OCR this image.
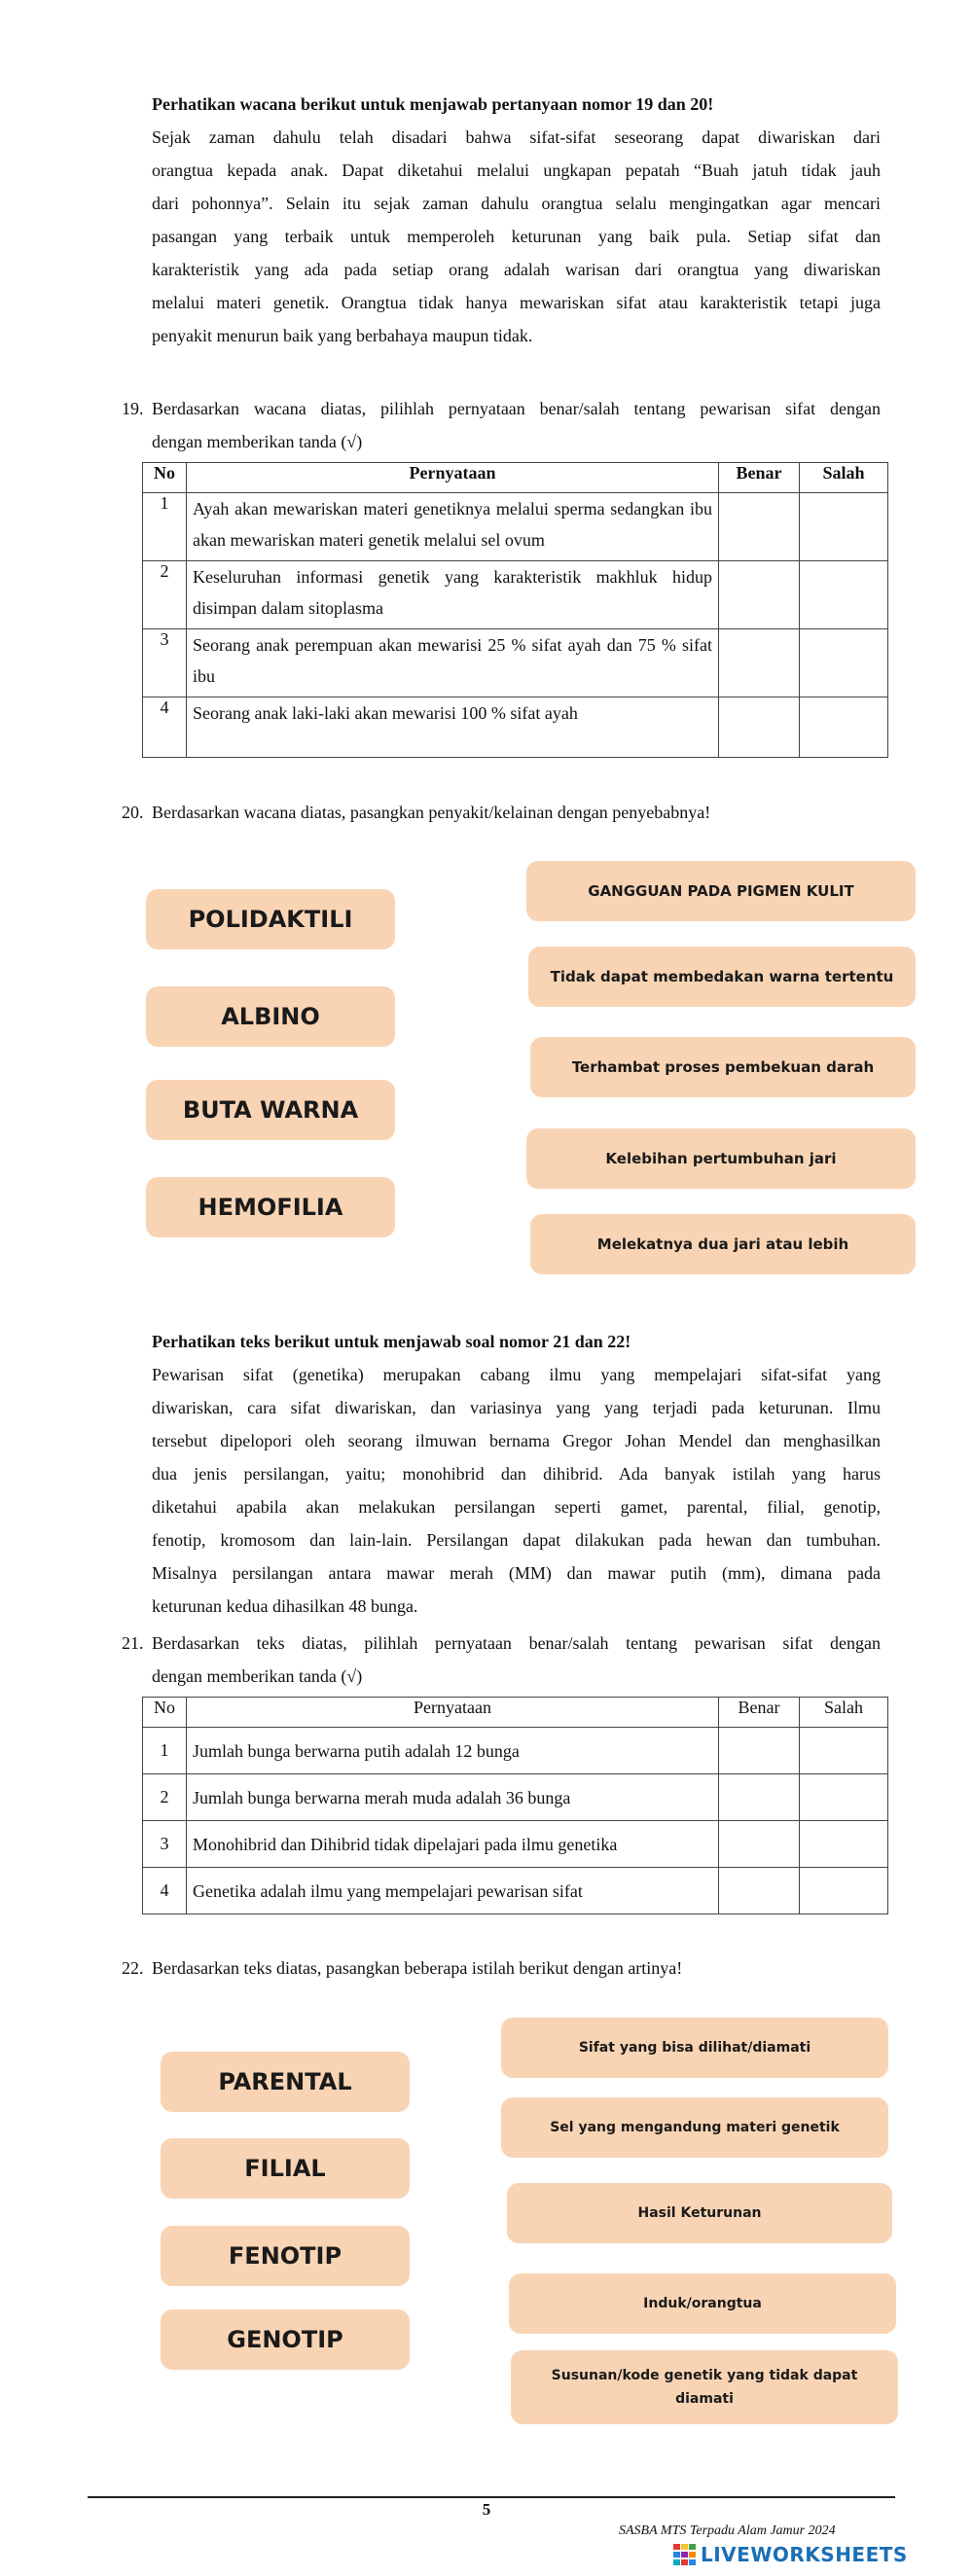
Perhatikan wacana berikut untuk menjawab pertanyaan nomor 19 dan 20!
Sejak zaman dahulu telah disadari bahwa sifat-sifat seseorang dapat diwariskan dari
orangtua kepada anak. Dapat diketahui melalui ungkapan pepatah “Buah jatuh tidak jauh
dari pohonnya”. Selain itu sejak zaman dahulu orangtua selalu mengingatkan agar mencari
pasangan yang terbaik untuk memperoleh keturunan yang baik pula. Setiap sifat dan
karakteristik yang ada pada setiap orang adalah warisan dari orangtua yang diwariskan
melalui materi genetik. Orangtua tidak hanya mewariskan sifat atau karakteristik tetapi juga
penyakit menurun baik yang berbahaya maupun tidak.
19. Berdasarkan wacana diatas, pilihlah pernyataan benar/salah tentang pewarisan sifat dengan
dengan memberikan tanda (√)
No	Pernyataan	Benar	Salah
1	Ayah akan mewariskan materi genetiknya melalui sperma sedangkan ibu akan mewariskan materi genetik melalui sel ovum		
2	Keseluruhan informasi genetik yang karakteristik makhluk hidup disimpan dalam sitoplasma		
3	Seorang anak perempuan akan mewarisi 25 % sifat ayah dan 75 % sifat ibu		
4	Seorang anak laki-laki akan mewarisi 100 % sifat ayah		
20. Berdasarkan wacana diatas, pasangkan penyakit/kelainan dengan penyebabnya!
POLIDAKTILI
ALBINO
BUTA WARNA
HEMOFILIA
GANGGUAN PADA PIGMEN KULIT
Tidak dapat membedakan warna tertentu
Terhambat proses pembekuan darah
Kelebihan pertumbuhan jari
Melekatnya dua jari atau lebih
Perhatikan teks berikut untuk menjawab soal nomor 21 dan 22!
Pewarisan sifat (genetika) merupakan cabang ilmu yang mempelajari sifat-sifat yang
diwariskan, cara sifat diwariskan, dan variasinya yang yang terjadi pada keturunan. Ilmu
tersebut dipelopori oleh seorang ilmuwan bernama Gregor Johan Mendel dan menghasilkan
dua jenis persilangan, yaitu; monohibrid dan dihibrid. Ada banyak istilah yang harus
diketahui apabila akan melakukan persilangan seperti gamet, parental, filial, genotip,
fenotip, kromosom dan lain-lain. Persilangan dapat dilakukan pada hewan dan tumbuhan.
Misalnya persilangan antara mawar merah (MM) dan mawar putih (mm), dimana pada
keturunan kedua dihasilkan 48 bunga.
21. Berdasarkan teks diatas, pilihlah pernyataan benar/salah tentang pewarisan sifat dengan
dengan memberikan tanda (√)
No	Pernyataan	Benar	Salah
1	Jumlah bunga berwarna putih adalah 12 bunga		
2	Jumlah bunga berwarna merah muda adalah 36 bunga		
3	Monohibrid dan Dihibrid tidak dipelajari pada ilmu genetika		
4	Genetika adalah ilmu yang mempelajari pewarisan sifat		
22. Berdasarkan teks diatas, pasangkan beberapa istilah berikut dengan artinya!
PARENTAL
FILIAL
FENOTIP
GENOTIP
Sifat yang bisa dilihat/diamati
Sel yang mengandung materi genetik
Hasil Keturunan
Induk/orangtua
Susunan/kode genetik yang tidak dapat diamati
5
SASBA MTS Terpadu Alam Jamur 2024
LIVEWORKSHEETS
